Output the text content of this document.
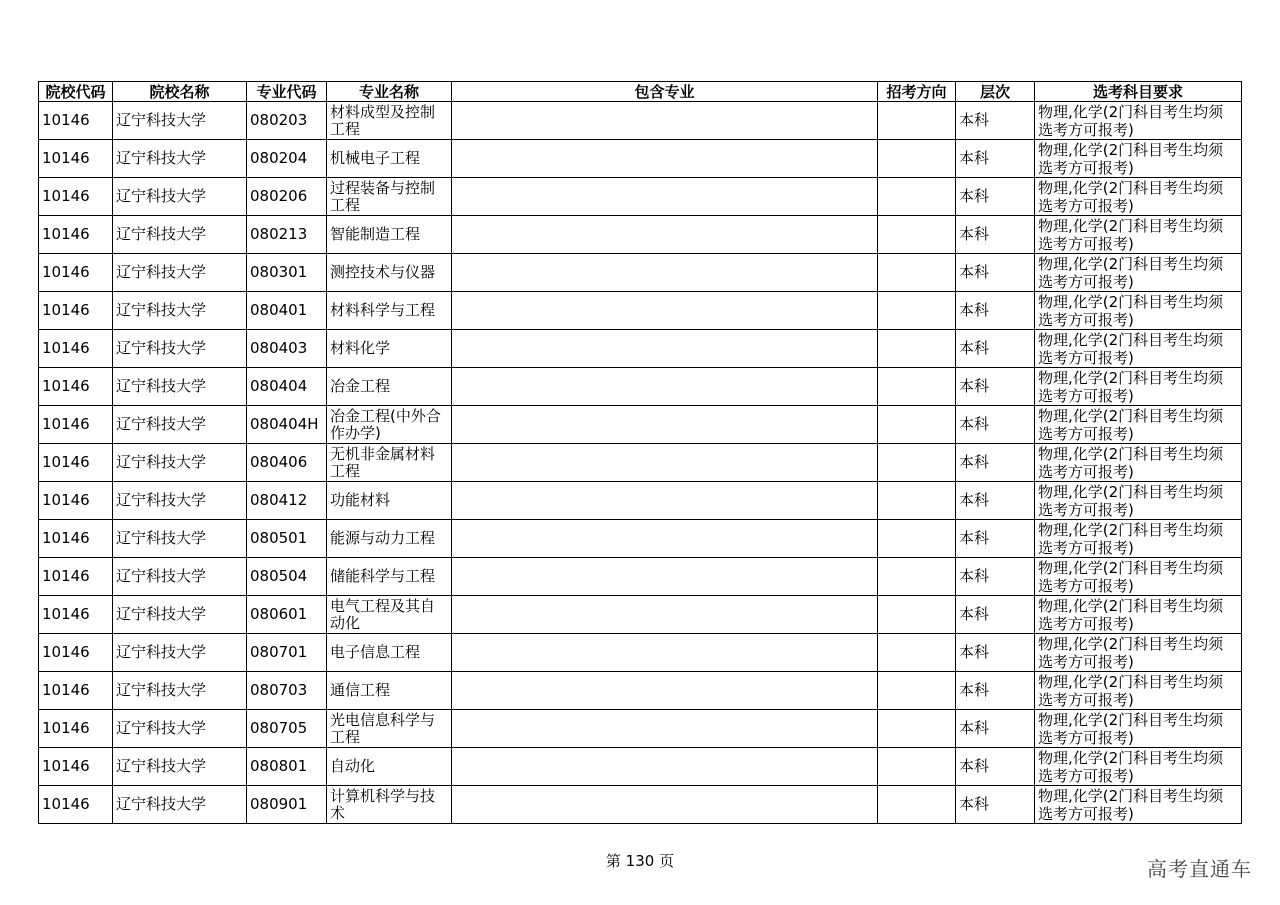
院校代码	院校名称	专业代码	专业名称	包含专业	招考方向	层次	选考科目要求
10146	辽宁科技大学	080203	材料成型及控制工程			本科	物理,化学(2门科目考生均须选考方可报考)
10146	辽宁科技大学	080204	机械电子工程			本科	物理,化学(2门科目考生均须选考方可报考)
10146	辽宁科技大学	080206	过程装备与控制工程			本科	物理,化学(2门科目考生均须选考方可报考)
10146	辽宁科技大学	080213	智能制造工程			本科	物理,化学(2门科目考生均须选考方可报考)
10146	辽宁科技大学	080301	测控技术与仪器			本科	物理,化学(2门科目考生均须选考方可报考)
10146	辽宁科技大学	080401	材料科学与工程			本科	物理,化学(2门科目考生均须选考方可报考)
10146	辽宁科技大学	080403	材料化学			本科	物理,化学(2门科目考生均须选考方可报考)
10146	辽宁科技大学	080404	冶金工程			本科	物理,化学(2门科目考生均须选考方可报考)
10146	辽宁科技大学	080404H	冶金工程(中外合作办学)			本科	物理,化学(2门科目考生均须选考方可报考)
10146	辽宁科技大学	080406	无机非金属材料工程			本科	物理,化学(2门科目考生均须选考方可报考)
10146	辽宁科技大学	080412	功能材料			本科	物理,化学(2门科目考生均须选考方可报考)
10146	辽宁科技大学	080501	能源与动力工程			本科	物理,化学(2门科目考生均须选考方可报考)
10146	辽宁科技大学	080504	储能科学与工程			本科	物理,化学(2门科目考生均须选考方可报考)
10146	辽宁科技大学	080601	电气工程及其自动化			本科	物理,化学(2门科目考生均须选考方可报考)
10146	辽宁科技大学	080701	电子信息工程			本科	物理,化学(2门科目考生均须选考方可报考)
10146	辽宁科技大学	080703	通信工程			本科	物理,化学(2门科目考生均须选考方可报考)
10146	辽宁科技大学	080705	光电信息科学与工程			本科	物理,化学(2门科目考生均须选考方可报考)
10146	辽宁科技大学	080801	自动化			本科	物理,化学(2门科目考生均须选考方可报考)
10146	辽宁科技大学	080901	计算机科学与技术			本科	物理,化学(2门科目考生均须选考方可报考)
第 130 页	高考直通车
